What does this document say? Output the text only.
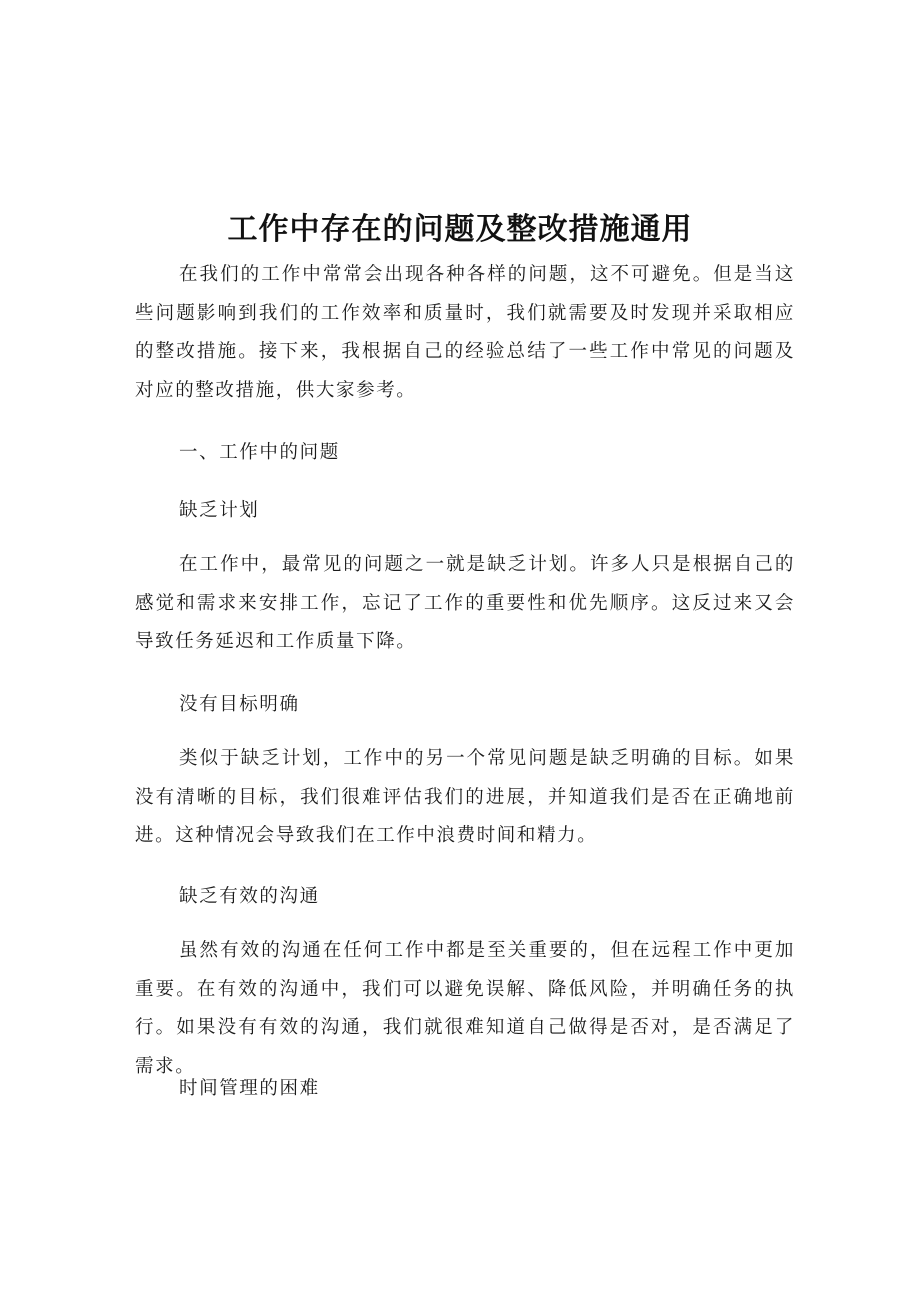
工作中存在的问题及整改措施通用

在我们的工作中常常会出现各种各样的问题，这不可避免。但是当这些问题影响到我们的工作效率和质量时，我们就需要及时发现并采取相应的整改措施。接下来，我根据自己的经验总结了一些工作中常见的问题及对应的整改措施，供大家参考。

一、工作中的问题

缺乏计划

在工作中，最常见的问题之一就是缺乏计划。许多人只是根据自己的感觉和需求来安排工作，忘记了工作的重要性和优先顺序。这反过来又会导致任务延迟和工作质量下降。

没有目标明确

类似于缺乏计划，工作中的另一个常见问题是缺乏明确的目标。如果没有清晰的目标，我们很难评估我们的进展，并知道我们是否在正确地前进。这种情况会导致我们在工作中浪费时间和精力。

缺乏有效的沟通

虽然有效的沟通在任何工作中都是至关重要的，但在远程工作中更加重要。在有效的沟通中，我们可以避免误解、降低风险，并明确任务的执行。如果没有有效的沟通，我们就很难知道自己做得是否对，是否满足了需求。

时间管理的困难
